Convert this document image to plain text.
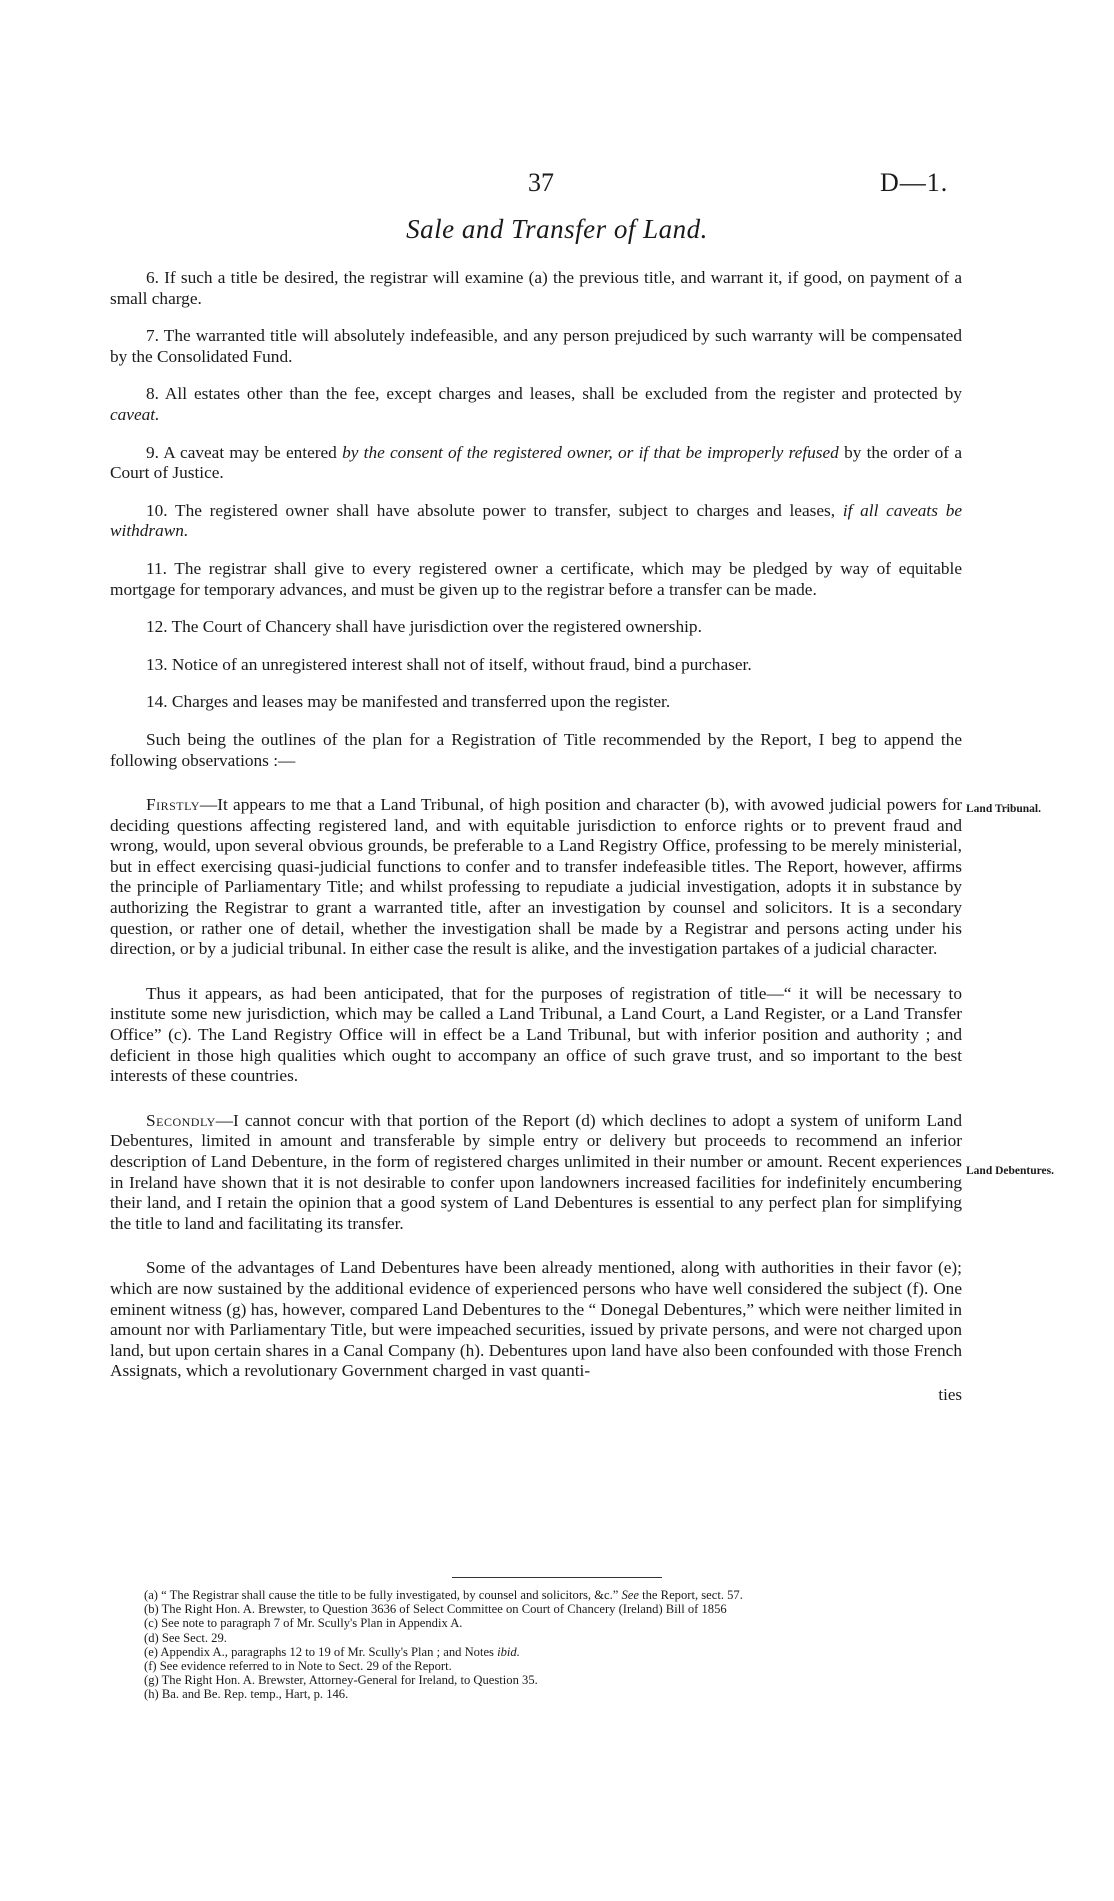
37	D—1.
Sale and Transfer of Land.

6. If such a title be desired, the registrar will examine (a) the previous title, and warrant it, if good, on payment of a small charge.

7. The warranted title will absolutely indefeasible, and any person prejudiced by such warranty will be compensated by the Consolidated Fund.

8. All estates other than the fee, except charges and leases, shall be excluded from the register and protected by caveat.

9. A caveat may be entered by the consent of the registered owner, or if that be improperly refused by the order of a Court of Justice.

10. The registered owner shall have absolute power to transfer, subject to charges and leases, if all caveats be withdrawn.

11. The registrar shall give to every registered owner a certificate, which may be pledged by way of equitable mortgage for temporary advances, and must be given up to the registrar before a transfer can be made.

12. The Court of Chancery shall have jurisdiction over the registered ownership.

13. Notice of an unregistered interest shall not of itself, without fraud, bind a purchaser.

14. Charges and leases may be manifested and transferred upon the register.

Such being the outlines of the plan for a Registration of Title recommended by the Report, I beg to append the following observations :—

Firstly—It appears to me that a Land Tribunal, of high position and character (b), with avowed judicial powers for deciding questions affecting registered land, and with equitable jurisdiction to enforce rights or to prevent fraud and wrong, would, upon several obvious grounds, be preferable to a Land Registry Office, professing to be merely ministerial, but in effect exercising quasi-judicial functions to confer and to transfer indefeasible titles. The Report, however, affirms the principle of Parliamentary Title; and whilst professing to repudiate a judicial investigation, adopts it in substance by authorizing the Registrar to grant a warranted title, after an investigation by counsel and solicitors. It is a secondary question, or rather one of detail, whether the investigation shall be made by a Registrar and persons acting under his direction, or by a judicial tribunal. In either case the result is alike, and the investigation partakes of a judicial character.

Thus it appears, as had been anticipated, that for the purposes of registration of title—“ it will be necessary to institute some new jurisdiction, which may be called a Land Tribunal, a Land Court, a Land Register, or a Land Transfer Office” (c). The Land Registry Office will in effect be a Land Tribunal, but with inferior position and authority ; and deficient in those high qualities which ought to accompany an office of such grave trust, and so important to the best interests of these countries.

Secondly—I cannot concur with that portion of the Report (d) which declines to adopt a system of uniform Land Debentures, limited in amount and transferable by simple entry or delivery but proceeds to recommend an inferior description of Land Debenture, in the form of registered charges unlimited in their number or amount. Recent experiences in Ireland have shown that it is not desirable to confer upon landowners increased facilities for indefinitely encumbering their land, and I retain the opinion that a good system of Land Debentures is essential to any perfect plan for simplifying the title to land and facilitating its transfer.

Some of the advantages of Land Debentures have been already mentioned, along with authorities in their favor (e); which are now sustained by the additional evidence of experienced persons who have well considered the subject (f). One eminent witness (g) has, however, compared Land Debentures to the “ Donegal Debentures,” which were neither limited in amount nor with Parliamentary Title, but were impeached securities, issued by private persons, and were not charged upon land, but upon certain shares in a Canal Company (h). Debentures upon land have also been confounded with those French Assignats, which a revolutionary Government charged in vast quanti-

ties
Land Tribunal.
Land Debentures.

(a) “ The Registrar shall cause the title to be fully investigated, by counsel and solicitors, &c.” See the Report, sect. 57.

(b) The Right Hon. A. Brewster, to Question 3636 of Select Committee on Court of Chancery (Ireland) Bill of 1856

(c) See note to paragraph 7 of Mr. Scully's Plan in Appendix A.

(d) See Sect. 29.

(e) Appendix A., paragraphs 12 to 19 of Mr. Scully's Plan ; and Notes ibid.

(f) See evidence referred to in Note to Sect. 29 of the Report.

(g) The Right Hon. A. Brewster, Attorney-General for Ireland, to Question 35.

(h) Ba. and Be. Rep. temp., Hart, p. 146.
